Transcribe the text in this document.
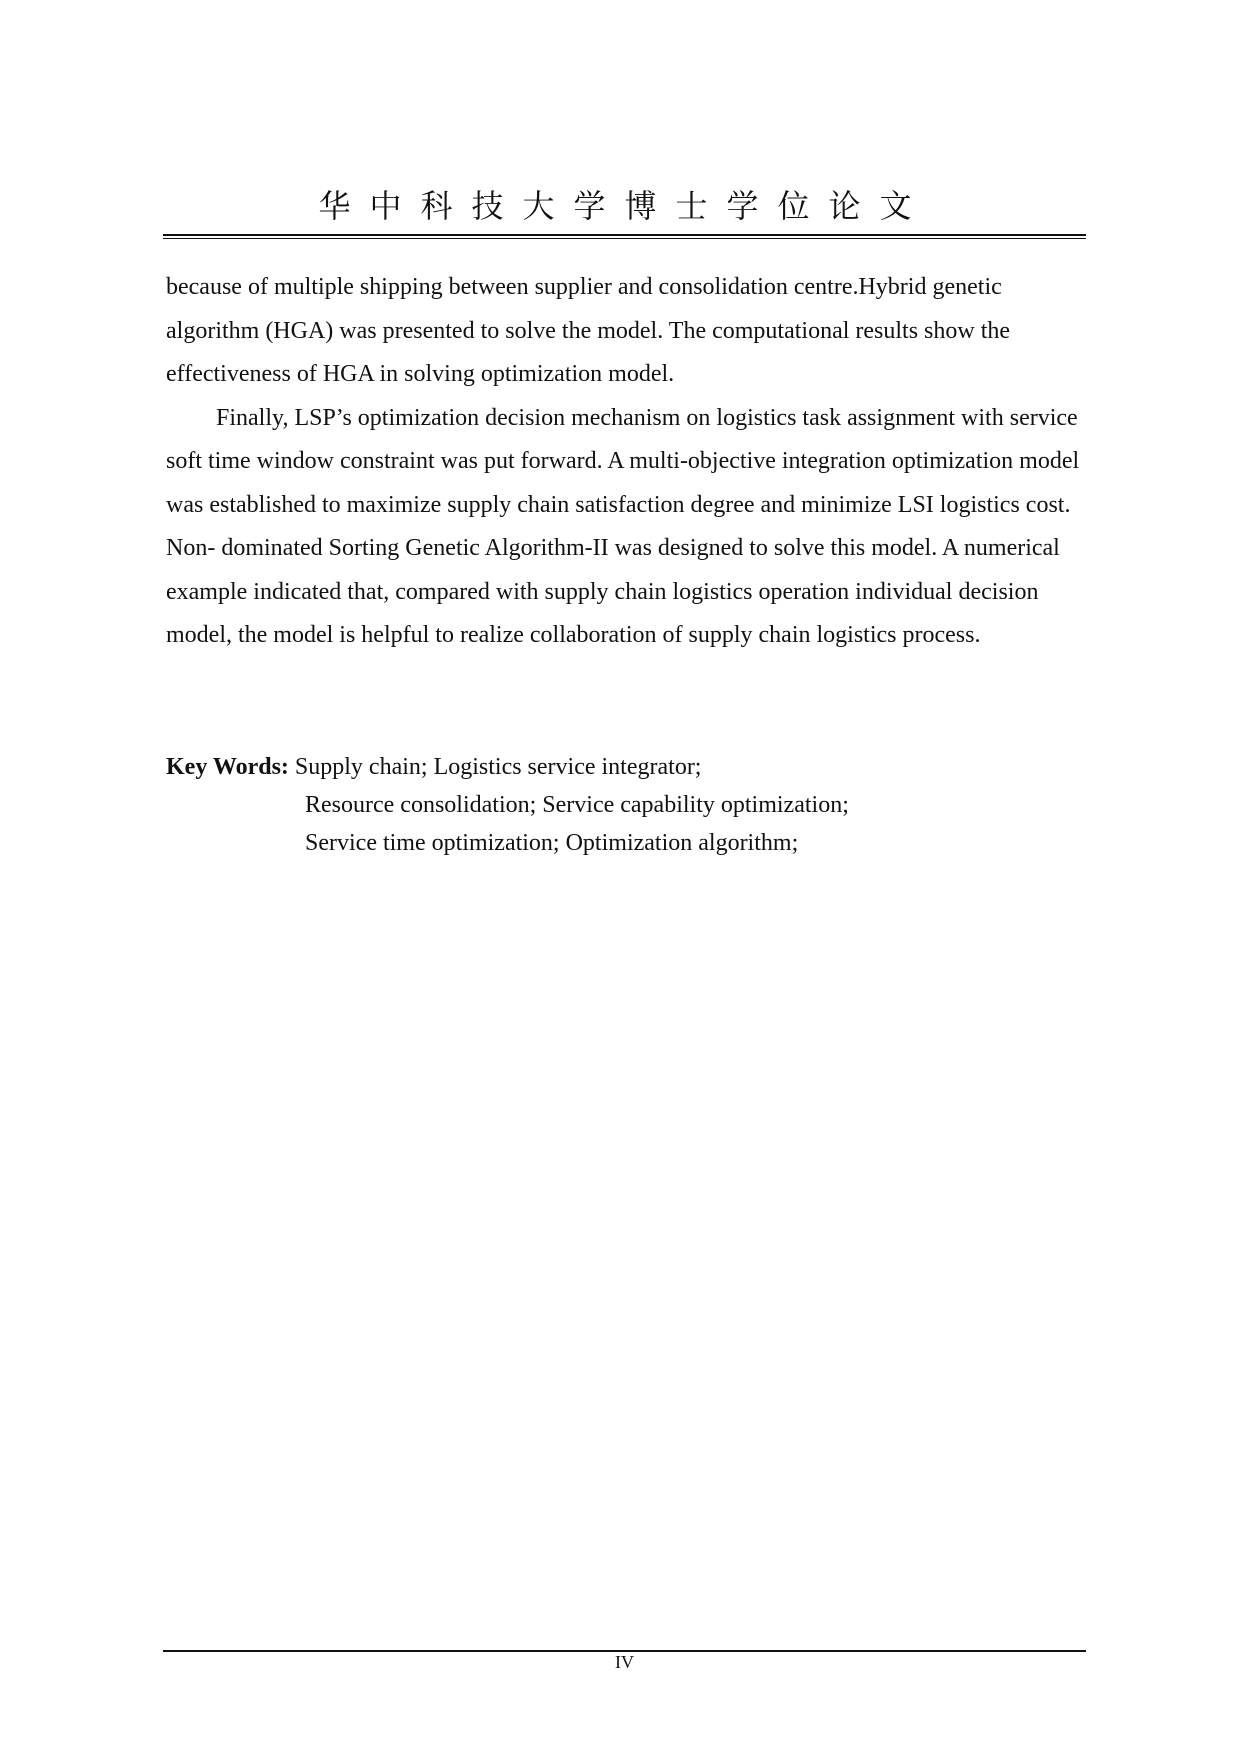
华中科技大学博士学位论文

because of multiple shipping between supplier and consolidation centre.Hybrid genetic algorithm (HGA) was presented to solve the model. The computational results show the effectiveness of HGA in solving optimization model.

Finally, LSP’s optimization decision mechanism on logistics task assignment with service soft time window constraint was put forward. A multi-objective integration optimization model was established to maximize supply chain satisfaction degree and minimize LSI logistics cost. Non- dominated Sorting Genetic Algorithm-II was designed to solve this model. A numerical example indicated that, compared with supply chain logistics operation individual decision model, the model is helpful to realize collaboration of supply chain logistics process.

Key Words: Supply chain; Logistics service integrator;
Resource consolidation; Service capability optimization;
Service time optimization; Optimization algorithm;
IV
